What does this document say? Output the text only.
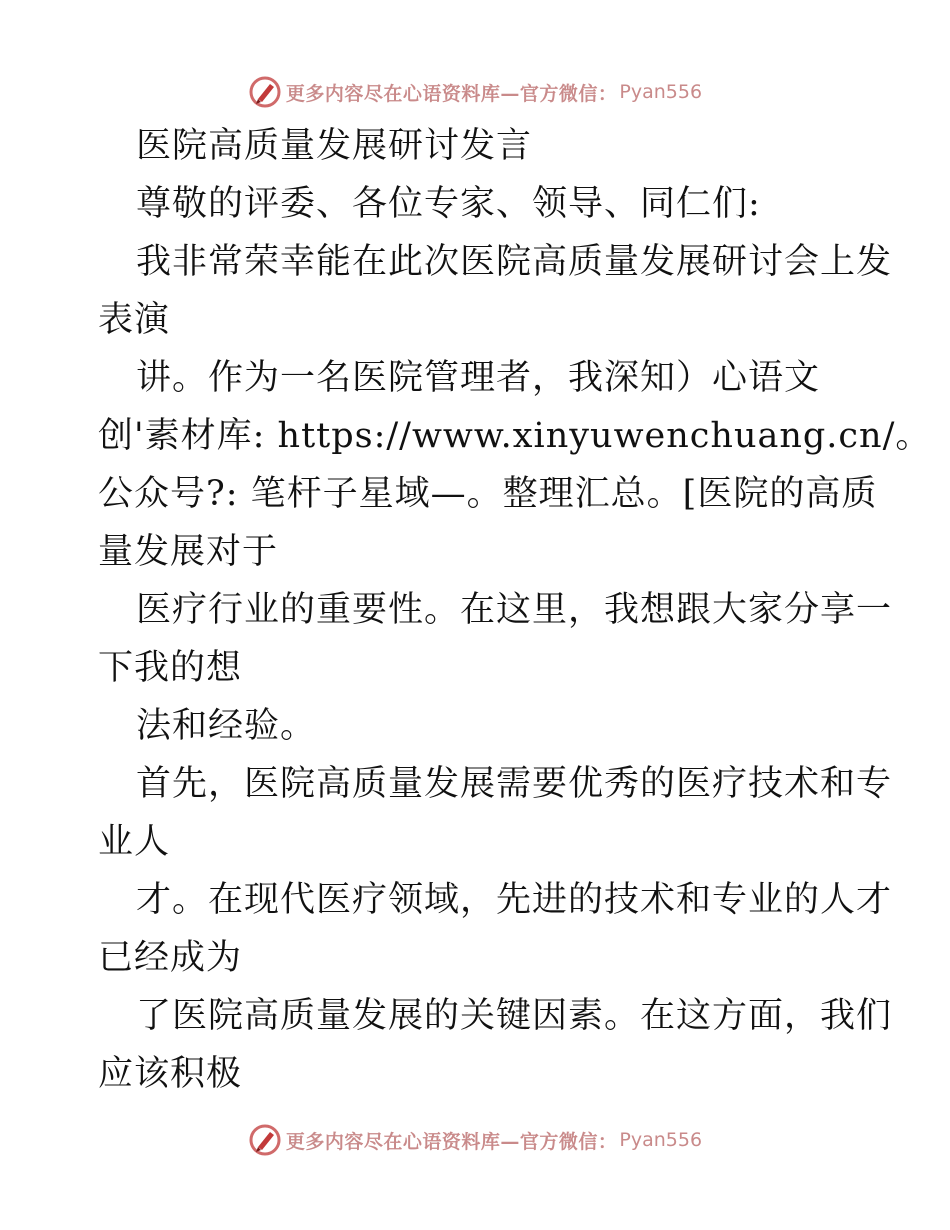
更多内容尽在心语资料库—官方微信： Pyan556
医院高质量发展研讨发言
尊敬的评委、各位专家、领导、同仁们:
我非常荣幸能在此次医院高质量发展研讨会上发
表演
讲。作为一名医院管理者，我深知）心语文
创'素材库: https://www.xinyuwenchuang.cn/。
公众号?: 笔杆子星域—。整理汇总。[医院的高质
量发展对于
医疗行业的重要性。在这里，我想跟大家分享一
下我的想
法和经验。
首先，医院高质量发展需要优秀的医疗技术和专
业人
才。在现代医疗领域，先进的技术和专业的人才
已经成为
了医院高质量发展的关键因素。在这方面，我们
应该积极
更多内容尽在心语资料库—官方微信： Pyan556
